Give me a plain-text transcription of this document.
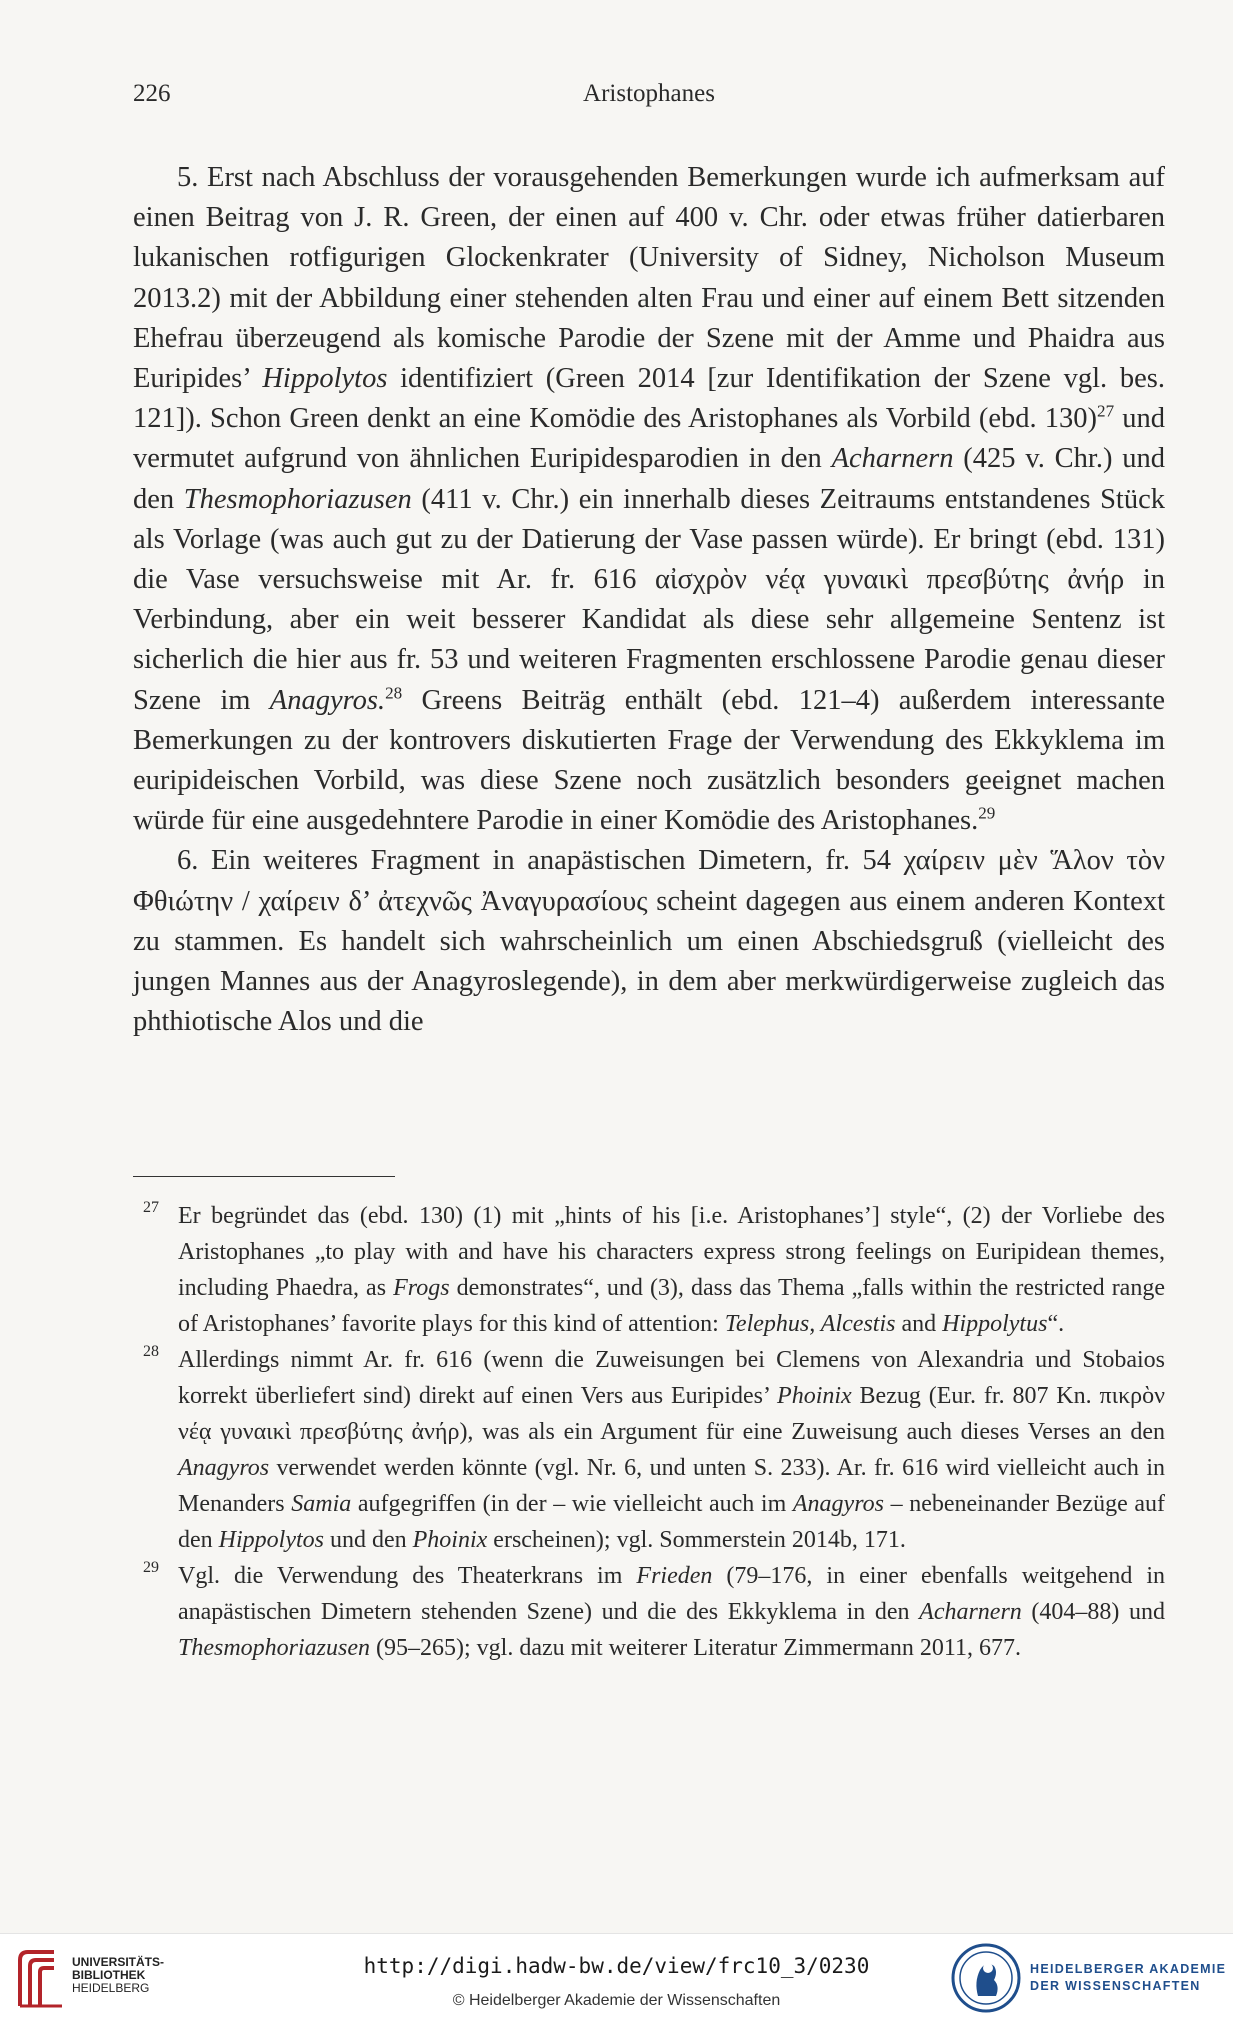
226	Aristophanes

5. Erst nach Abschluss der vorausgehenden Bemerkungen wurde ich aufmerksam auf einen Beitrag von J. R. Green, der einen auf 400 v. Chr. oder etwas früher datierbaren lukanischen rotfigurigen Glockenkrater (University of Sidney, Nicholson Museum 2013.2) mit der Abbildung einer stehenden alten Frau und einer auf einem Bett sitzenden Ehefrau überzeugend als komische Parodie der Szene mit der Amme und Phaidra aus Euripides’ Hippolytos identifiziert (Green 2014 [zur Identifikation der Szene vgl. bes. 121]). Schon Green denkt an eine Komödie des Aristophanes als Vorbild (ebd. 130)$^{27}$ und vermutet aufgrund von ähnlichen Euripidesparodien in den Acharnern (425 v. Chr.) und den Thesmophoriazusen (411 v. Chr.) ein innerhalb dieses Zeitraums entstandenes Stück als Vorlage (was auch gut zu der Datierung der Vase passen würde). Er bringt (ebd. 131) die Vase versuchsweise mit Ar. fr. 616 αἰσχρὸν νέᾳ γυναικὶ πρεσβύτης ἀνήρ in Verbindung, aber ein weit besserer Kandidat als diese sehr allgemeine Sentenz ist sicherlich die hier aus fr. 53 und weiteren Fragmenten erschlossene Parodie genau dieser Szene im Anagyros.$^{28}$ Greens Beiträg enthält (ebd. 121–4) außerdem interessante Bemerkungen zu der kontrovers diskutierten Frage der Verwendung des Ekkyklema im euripideischen Vorbild, was diese Szene noch zusätzlich besonders geeignet machen würde für eine ausgedehntere Parodie in einer Komödie des Aristophanes.$^{29}$

6. Ein weiteres Fragment in anapästischen Dimetern, fr. 54 χαίρειν μὲν Ἅλον τὸν Φθιώτην / χαίρειν δ’ ἀτεχνῶς Ἀναγυρασίους scheint dagegen aus einem anderen Kontext zu stammen. Es handelt sich wahrscheinlich um einen Abschiedsgruß (vielleicht des jungen Mannes aus der Anagyroslegende), in dem aber merkwürdigerweise zugleich das phthiotische Alos und die

27 Er begründet das (ebd. 130) (1) mit „hints of his [i.e. Aristophanes’] style“, (2) der Vorliebe des Aristophanes „to play with and have his characters express strong feelings on Euripidean themes, including Phaedra, as Frogs demonstrates“, und (3), dass das Thema „falls within the restricted range of Aristophanes’ favorite plays for this kind of attention: Telephus, Alcestis and Hippolytus“.

28 Allerdings nimmt Ar. fr. 616 (wenn die Zuweisungen bei Clemens von Alexandria und Stobaios korrekt überliefert sind) direkt auf einen Vers aus Euripides’ Phoinix Bezug (Eur. fr. 807 Kn. πικρὸν νέᾳ γυναικὶ πρεσβύτης ἀνήρ), was als ein Argument für eine Zuweisung auch dieses Verses an den Anagyros verwendet werden könnte (vgl. Nr. 6, und unten S. 233). Ar. fr. 616 wird vielleicht auch in Menanders Samia aufgegriffen (in der – wie vielleicht auch im Anagyros – nebeneinander Bezüge auf den Hippolytos und den Phoinix erscheinen); vgl. Sommerstein 2014b, 171.

29 Vgl. die Verwendung des Theaterkrans im Frieden (79–176, in einer ebenfalls weitgehend in anapästischen Dimetern stehenden Szene) und die des Ekkyklema in den Acharnern (404–88) und Thesmophoriazusen (95–265); vgl. dazu mit weiterer Literatur Zimmermann 2011, 677.

UNIVERSITÄTS-
BIBLIOTHEK
HEIDELBERG
http://digi.hadw-bw.de/view/frc10_3/0230
© Heidelberger Akademie der Wissenschaften
HEIDELBERGER AKADEMIE
DER WISSENSCHAFTEN
